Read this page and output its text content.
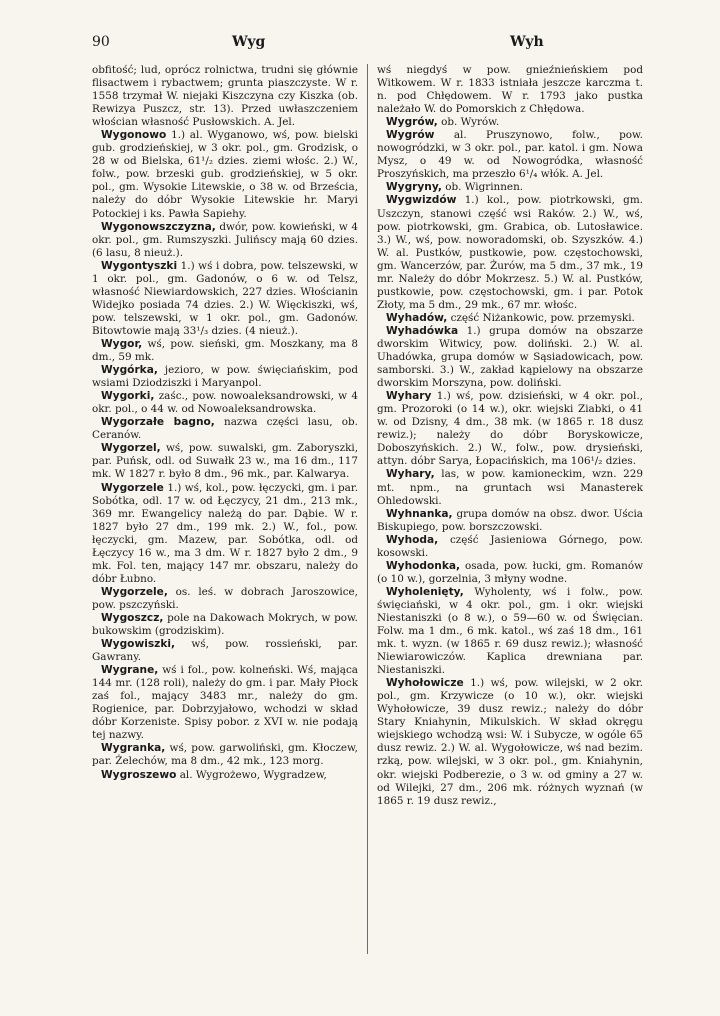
90	Wyg	Wyh

obfitość; lud, oprócz rolnictwa, trudni się głównie flisactwem i rybactwem; grunta piaszczyste. W r. 1558 trzymał W. niejaki Kiszczyna czy Kiszka (ob. Rewizya Puszcz, str. 13). Przed uwłaszczeniem włościan własność Pusłowskich. A. Jel.

Wygonowo 1.) al. Wyganowo, wś, pow. bielski gub. grodzieńskiej, w 3 okr. pol., gm. Grodzisk, o 28 w od Bielska, 61¹/₂ dzies. ziemi włośc. 2.) W., folw., pow. brzeski gub. grodzieńskiej, w 5 okr. pol., gm. Wysokie Litewskie, o 38 w. od Brześcia, należy do dóbr Wysokie Litewskie hr. Maryi Potockiej i ks. Pawła Sapiehy.

Wygonowszczyzna, dwór, pow. kowieński, w 4 okr. pol., gm. Rumszyszki. Julińscy mają 60 dzies. (6 lasu, 8 nieuż.).

Wygontyszki 1.) wś i dobra, pow. telszewski, w 1 okr. pol., gm. Gadonów, o 6 w. od Telsz, własność Niewiardowskich, 227 dzies. Włościanin Widejko posiada 74 dzies. 2.) W. Więckiszki, wś, pow. telszewski, w 1 okr. pol., gm. Gadonów. Bitowtowie mają 33¹/₃ dzies. (4 nieuż.).

Wygor, wś, pow. sieński, gm. Moszkany, ma 8 dm., 59 mk.

Wygórka, jezioro, w pow. święciańskim, pod wsiami Dziodziszki i Maryanpol.

Wygorki, zaśc., pow. nowoaleksandrowski, w 4 okr. pol., o 44 w. od Nowoaleksandrowska.

Wygorzałe bagno, nazwa części lasu, ob. Ceranów.

Wygorzel, wś, pow. suwalski, gm. Zaboryszki, par. Puńsk, odl. od Suwałk 23 w., ma 16 dm., 117 mk. W 1827 r. było 8 dm., 96 mk., par. Kalwarya.

Wygorzele 1.) wś, kol., pow. łęczycki, gm. i par. Sobótka, odl. 17 w. od Łęczycy, 21 dm., 213 mk., 369 mr. Ewangelicy należą do par. Dąbie. W r. 1827 było 27 dm., 199 mk. 2.) W., fol., pow. łęczycki, gm. Mazew, par. Sobótka, odl. od Łęczycy 16 w., ma 3 dm. W r. 1827 było 2 dm., 9 mk. Fol. ten, mający 147 mr. obszaru, należy do dóbr Łubno.

Wygorzele, os. leś. w dobrach Jaroszowice, pow. pszczyński.

Wygoszcz, pole na Dakowach Mokrych, w pow. bukowskim (grodziskim).

Wygowiszki, wś, pow. rossieński, par. Gawrany.

Wygrane, wś i fol., pow. kolneński. Wś, mająca 144 mr. (128 roli), należy do gm. i par. Mały Płock zaś fol., mający 3483 mr., należy do gm. Rogienice, par. Dobrzyjałowo, wchodzi w skład dóbr Korzeniste. Spisy pobor. z XVI w. nie podają tej nazwy.

Wygranka, wś, pow. garwoliński, gm. Kłoczew, par. Żelechów, ma 8 dm., 42 mk., 123 morg.

Wygroszewo al. Wygrożewo, Wygradzew,

wś niegdyś w pow. gnieźnieńskiem pod Witkowem. W r. 1833 istniała jeszcze karczma t. n. pod Chłędowem. W r. 1793 jako pustka należało W. do Pomorskich z Chłędowa.

Wygrów, ob. Wyrów.

Wygrów al. Pruszynowo, folw., pow. nowogródzki, w 3 okr. pol., par. katol. i gm. Nowa Mysz, o 49 w. od Nowogródka, własność Proszyńskich, ma przeszło 6¹/₄ włók. A. Jel.

Wygryny, ob. Wigrinnen.

Wygwizdów 1.) kol., pow. piotrkowski, gm. Uszczyn, stanowi część wsi Raków. 2.) W., wś, pow. piotrkowski, gm. Grabica, ob. Lutosławice. 3.) W., wś, pow. noworadomski, ob. Szyszków. 4.) W. al. Pustków, pustkowie, pow. częstochowski, gm. Wancerzów, par. Żurów, ma 5 dm., 37 mk., 19 mr. Należy do dóbr Mokrzesz. 5.) W. al. Pustków, pustkowie, pow. częstochowski, gm. i par. Potok Złoty, ma 5 dm., 29 mk., 67 mr. włośc.

Wyhadów, część Niżankowic, pow. przemyski.

Wyhadówka 1.) grupa domów na obszarze dworskim Witwicy, pow. doliński. 2.) W. al. Uhadówka, grupa domów w Sąsiadowicach, pow. samborski. 3.) W., zakład kąpielowy na obszarze dworskim Morszyna, pow. doliński.

Wyhary 1.) wś, pow. dzisieński, w 4 okr. pol., gm. Prozoroki (o 14 w.), okr. wiejski Ziabki, o 41 w. od Dzisny, 4 dm., 38 mk. (w 1865 r. 18 dusz rewiz.); należy do dóbr Boryskowicze, Doboszyńskich. 2.) W., folw., pow. drysieński, attyn. dóbr Sarya, Łopacińskich, ma 106¹/₂ dzies.

Wyhary, las, w pow. kamioneckim, wzn. 229 mt. npm., na gruntach wsi Manasterek Ohledowski.

Wyhnanka, grupa domów na obsz. dwor. Uścia Biskupiego, pow. borszczowski.

Wyhoda, część Jasieniowa Górnego, pow. kosowski.

Wyhodonka, osada, pow. łucki, gm. Romanów (o 10 w.), gorzelnia, 3 młyny wodne.

Wyholenięty, Wyholenty, wś i folw., pow. święciański, w 4 okr. pol., gm. i okr. wiejski Niestaniszki (o 8 w.), o 59—60 w. od Święcian. Folw. ma 1 dm., 6 mk. katol., wś zaś 18 dm., 161 mk. t. wyzn. (w 1865 r. 69 dusz rewiz.); własność Niewiarowiczów. Kaplica drewniana par. Niestaniszki.

Wyhołowicze 1.) wś, pow. wilejski, w 2 okr. pol., gm. Krzywicze (o 10 w.), okr. wiejski Wyhołowicze, 39 dusz rewiz.; należy do dóbr Stary Kniahynin, Mikulskich. W skład okręgu wiejskiego wchodzą wsi: W. i Subycze, w ogóle 65 dusz rewiz. 2.) W. al. Wygołowicze, wś nad bezim. rzką, pow. wilejski, w 3 okr. pol., gm. Kniahynin, okr. wiejski Podberezie, o 3 w. od gminy a 27 w. od Wilejki, 27 dm., 206 mk. różnych wyznań (w 1865 r. 19 dusz rewiz.,
